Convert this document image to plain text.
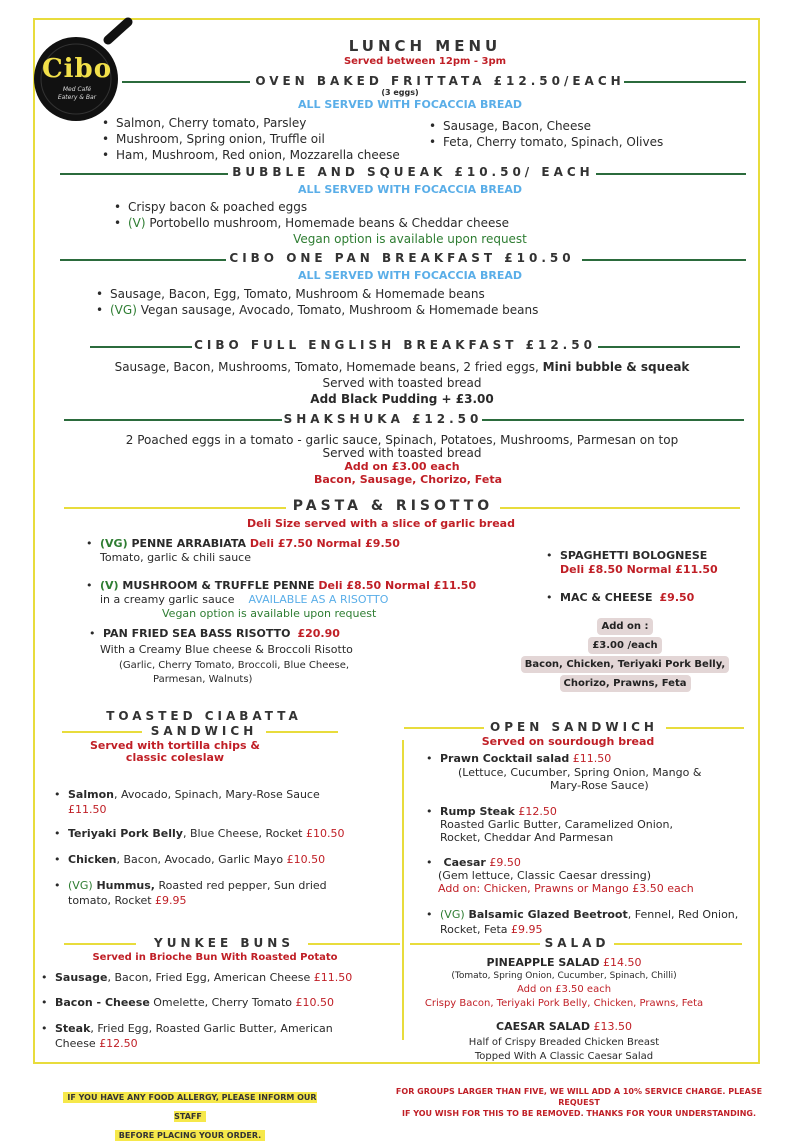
Cibo
Med Café
Eatery & Bar
LUNCH MENU
Served between 12pm - 3pm
OVEN BAKED FRITTATA £12.50/EACH
(3 eggs)
ALL SERVED WITH FOCACCIA BREAD
• Salmon, Cherry tomato, Parsley
• Mushroom, Spring onion, Truffle oil
• Ham, Mushroom, Red onion, Mozzarella cheese
• Sausage, Bacon, Cheese
• Feta, Cherry tomato, Spinach, Olives
BUBBLE AND SQUEAK £10.50/ EACH
ALL SERVED WITH FOCACCIA BREAD
• Crispy bacon & poached eggs
• (V) Portobello mushroom, Homemade beans & Cheddar cheese
Vegan option is available upon request
CIBO ONE PAN BREAKFAST £10.50
ALL SERVED WITH FOCACCIA BREAD
• Sausage, Bacon, Egg, Tomato, Mushroom & Homemade beans
• (VG) Vegan sausage, Avocado, Tomato, Mushroom & Homemade beans
CIBO FULL ENGLISH BREAKFAST £12.50
Sausage, Bacon, Mushrooms, Tomato, Homemade beans, 2 fried eggs, Mini bubble & squeak
Served with toasted bread
Add Black Pudding + £3.00
SHAKSHUKA £12.50
2 Poached eggs in a tomato - garlic sauce, Spinach, Potatoes, Mushrooms, Parmesan on top
Served with toasted bread
Add on £3.00 each
Bacon, Sausage, Chorizo, Feta
PASTA & RISOTTO
Deli Size served with a slice of garlic bread
• (VG) PENNE ARRABIATA Deli £7.50 Normal £9.50
Tomato, garlic & chili sauce
• (V) MUSHROOM & TRUFFLE PENNE Deli £8.50 Normal £11.50
in a creamy garlic sauce AVAILABLE AS A RISOTTO
Vegan option is available upon request
• PAN FRIED SEA BASS RISOTTO £20.90
With a Creamy Blue cheese & Broccoli Risotto
(Garlic, Cherry Tomato, Broccoli, Blue Cheese,
Parmesan, Walnuts)
• SPAGHETTI BOLOGNESE
Deli £8.50 Normal £11.50
• MAC & CHEESE £9.50
Add on :
£3.00 /each
Bacon, Chicken, Teriyaki Pork Belly,
Chorizo, Prawns, Feta
TOASTED CIABATTA
SANDWICH
Served with tortilla chips &
classic coleslaw
• Salmon, Avocado, Spinach, Mary-Rose Sauce
£11.50
• Teriyaki Pork Belly, Blue Cheese, Rocket £10.50
• Chicken, Bacon, Avocado, Garlic Mayo £10.50
• (VG) Hummus, Roasted red pepper, Sun dried tomato, Rocket £9.95
OPEN SANDWICH
Served on sourdough bread
• Prawn Cocktail salad £11.50
(Lettuce, Cucumber, Spring Onion, Mango &
Mary-Rose Sauce)
• Rump Steak £12.50
Roasted Garlic Butter, Caramelized Onion,
Rocket, Cheddar And Parmesan
• Caesar £9.50
(Gem lettuce, Classic Caesar dressing)
Add on: Chicken, Prawns or Mango £3.50 each
• (VG) Balsamic Glazed Beetroot, Fennel, Red Onion, Rocket, Feta £9.95
YUNKEE BUNS
Served in Brioche Bun With Roasted Potato
• Sausage, Bacon, Fried Egg, American Cheese £11.50
• Bacon - Cheese Omelette, Cherry Tomato £10.50
• Steak, Fried Egg, Roasted Garlic Butter, American Cheese £12.50
SALAD
PINEAPPLE SALAD £14.50
(Tomato, Spring Onion, Cucumber, Spinach, Chilli)
Add on £3.50 each
Crispy Bacon, Teriyaki Pork Belly, Chicken, Prawns, Feta
CAESAR SALAD £13.50
Half of Crispy Breaded Chicken Breast
Topped With A Classic Caesar Salad
IF YOU HAVE ANY FOOD ALLERGY, PLEASE INFORM OUR STAFF
BEFORE PLACING YOUR ORDER.
FOR GROUPS LARGER THAN FIVE, WE WILL ADD A 10% SERVICE CHARGE. PLEASE REQUEST
IF YOU WISH FOR THIS TO BE REMOVED. THANKS FOR YOUR UNDERSTANDING.
